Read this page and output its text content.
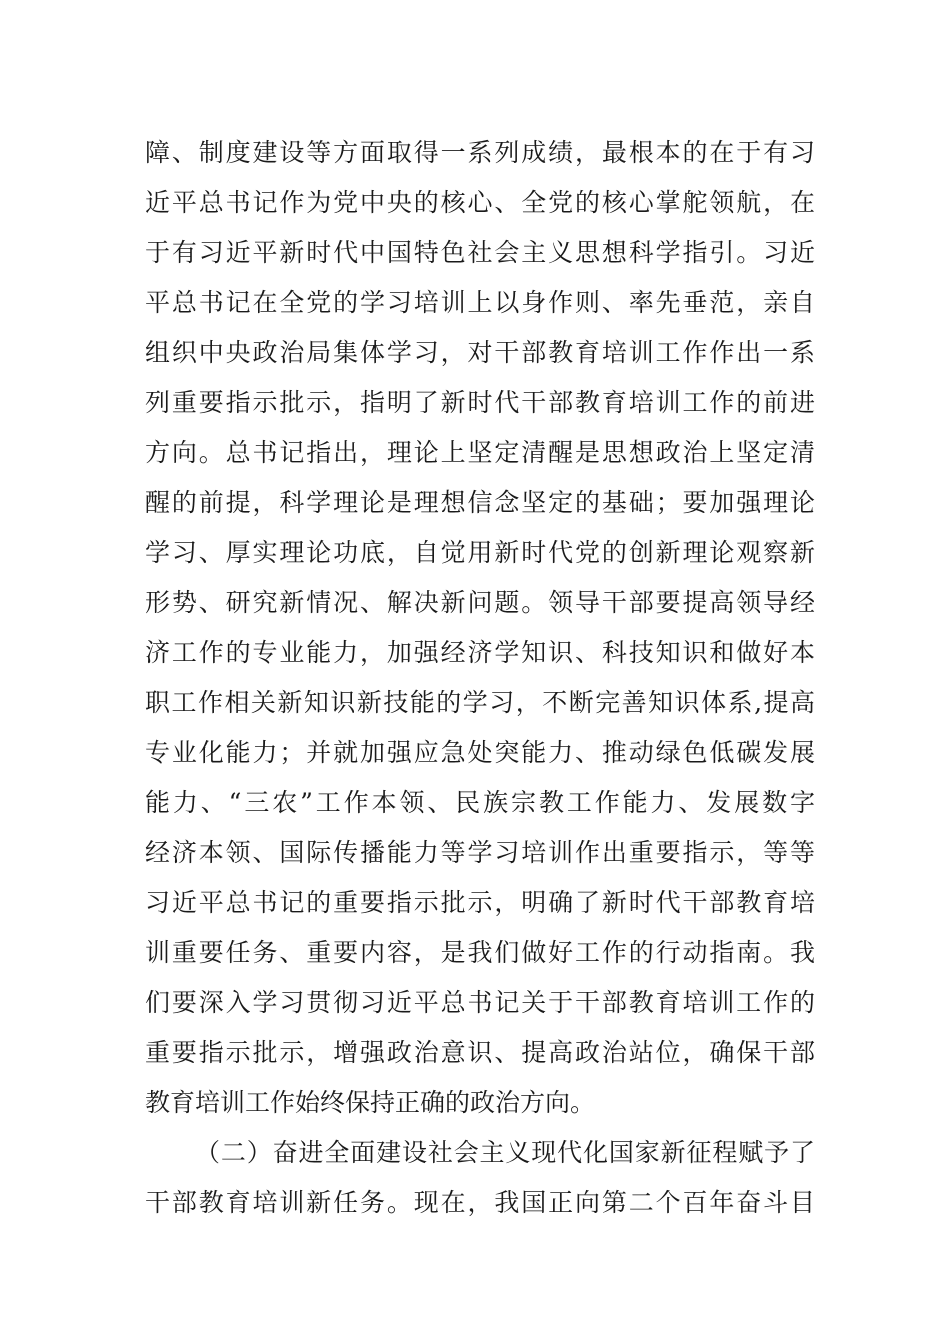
障、制度建设等方面取得一系列成绩，最根本的在于有习
近平总书记作为党中央的核心、全党的核心掌舵领航，在
于有习近平新时代中国特色社会主义思想科学指引。习近
平总书记在全党的学习培训上以身作则、率先垂范，亲自
组织中央政治局集体学习，对干部教育培训工作作出一系
列重要指示批示，指明了新时代干部教育培训工作的前进
方向。总书记指出，理论上坚定清醒是思想政治上坚定清
醒的前提，科学理论是理想信念坚定的基础；要加强理论
学习、厚实理论功底，自觉用新时代党的创新理论观察新
形势、研究新情况、解决新问题。领导干部要提高领导经
济工作的专业能力，加强经济学知识、科技知识和做好本
职工作相关新知识新技能的学习，不断完善知识体系,提高
专业化能力；并就加强应急处突能力、推动绿色低碳发展
能力、“三农”工作本领、民族宗教工作能力、发展数字
经济本领、国际传播能力等学习培训作出重要指示，等等
习近平总书记的重要指示批示，明确了新时代干部教育培
训重要任务、重要内容，是我们做好工作的行动指南。我
们要深入学习贯彻习近平总书记关于干部教育培训工作的
重要指示批示，增强政治意识、提高政治站位，确保干部
教育培训工作始终保持正确的政治方向。
（二）奋进全面建设社会主义现代化国家新征程赋予了
干部教育培训新任务。现在，我国正向第二个百年奋斗目
